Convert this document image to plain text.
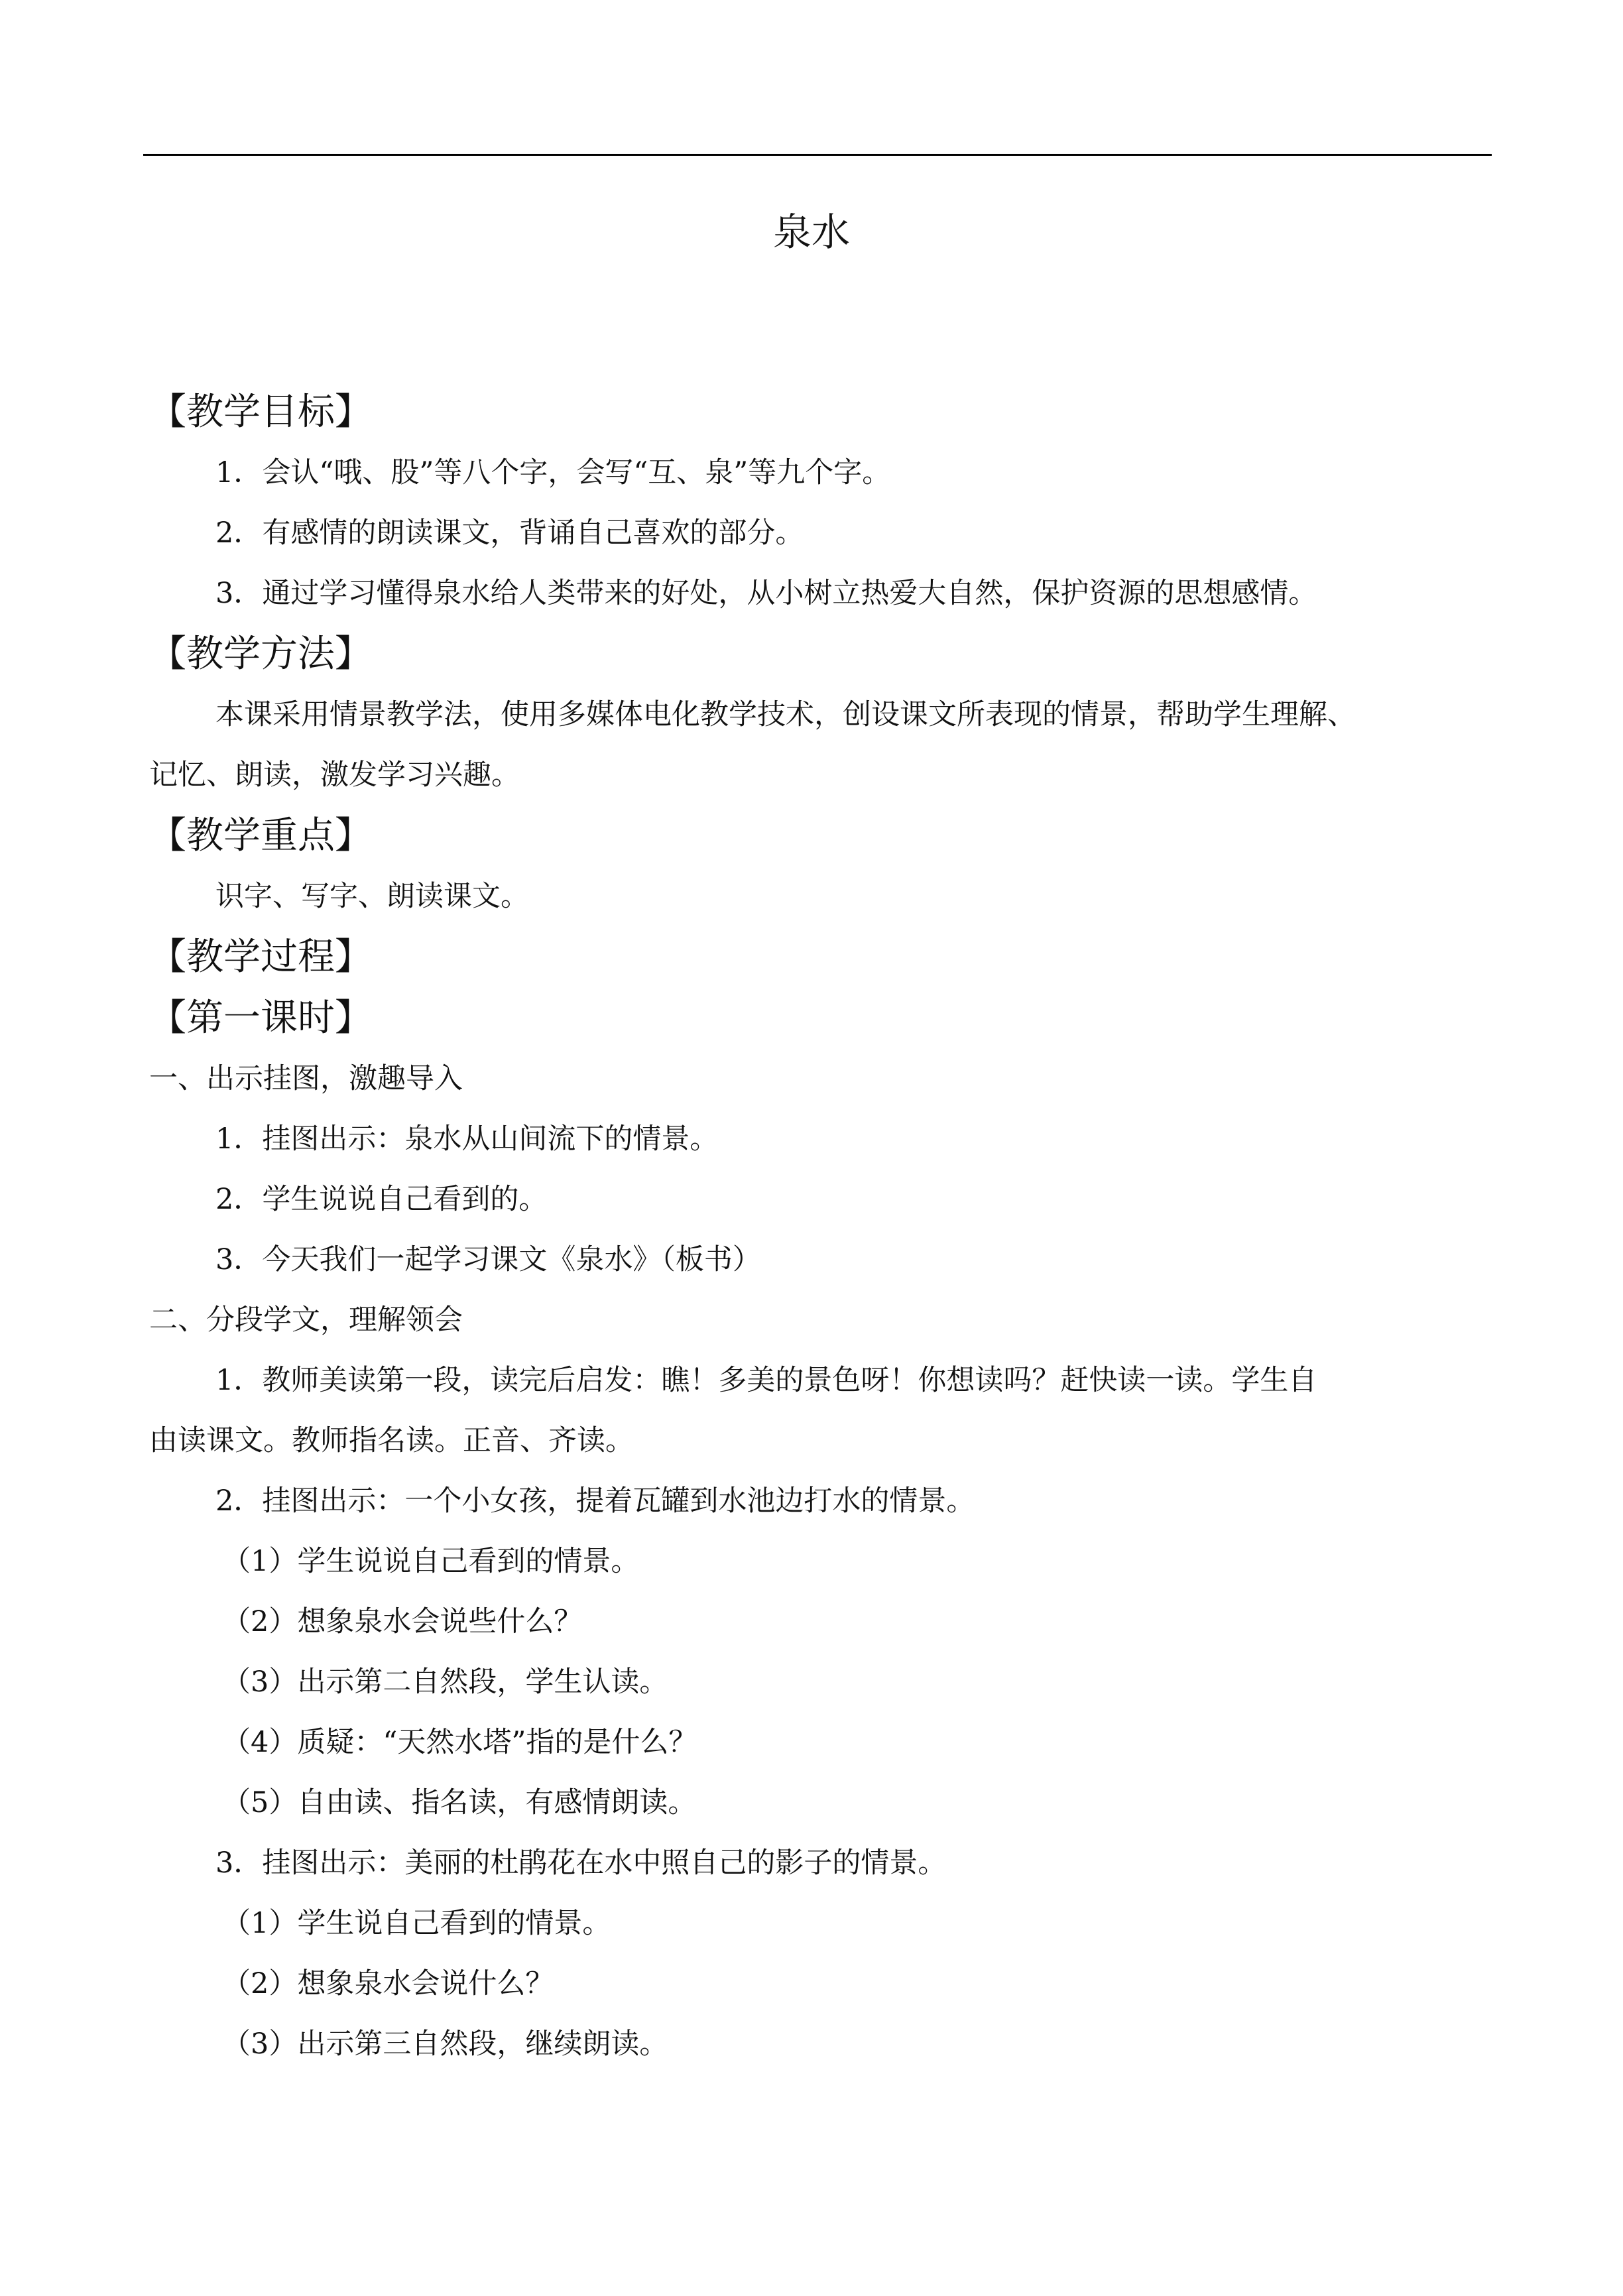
泉水
【教学目标】
1．会认“哦、股”等八个字，会写“互、泉”等九个字。
2．有感情的朗读课文，背诵自己喜欢的部分。
3．通过学习懂得泉水给人类带来的好处，从小树立热爱大自然，保护资源的思想感情。
【教学方法】
本课采用情景教学法，使用多媒体电化教学技术，创设课文所表现的情景，帮助学生理解、
记忆、朗读，激发学习兴趣。
【教学重点】
识字、写字、朗读课文。
【教学过程】
【第一课时】
一、出示挂图，激趣导入
1．挂图出示：泉水从山间流下的情景。
2．学生说说自己看到的。
3．今天我们一起学习课文《泉水》（板书）
二、分段学文，理解领会
1．教师美读第一段，读完后启发：瞧！多美的景色呀！你想读吗？赶快读一读。学生自
由读课文。教师指名读。正音、齐读。
2．挂图出示：一个小女孩，提着瓦罐到水池边打水的情景。
（1）学生说说自己看到的情景。
（2）想象泉水会说些什么？
（3）出示第二自然段，学生认读。
（4）质疑：“天然水塔”指的是什么？
（5）自由读、指名读，有感情朗读。
3．挂图出示：美丽的杜鹃花在水中照自己的影子的情景。
（1）学生说自己看到的情景。
（2）想象泉水会说什么？
（3）出示第三自然段，继续朗读。
